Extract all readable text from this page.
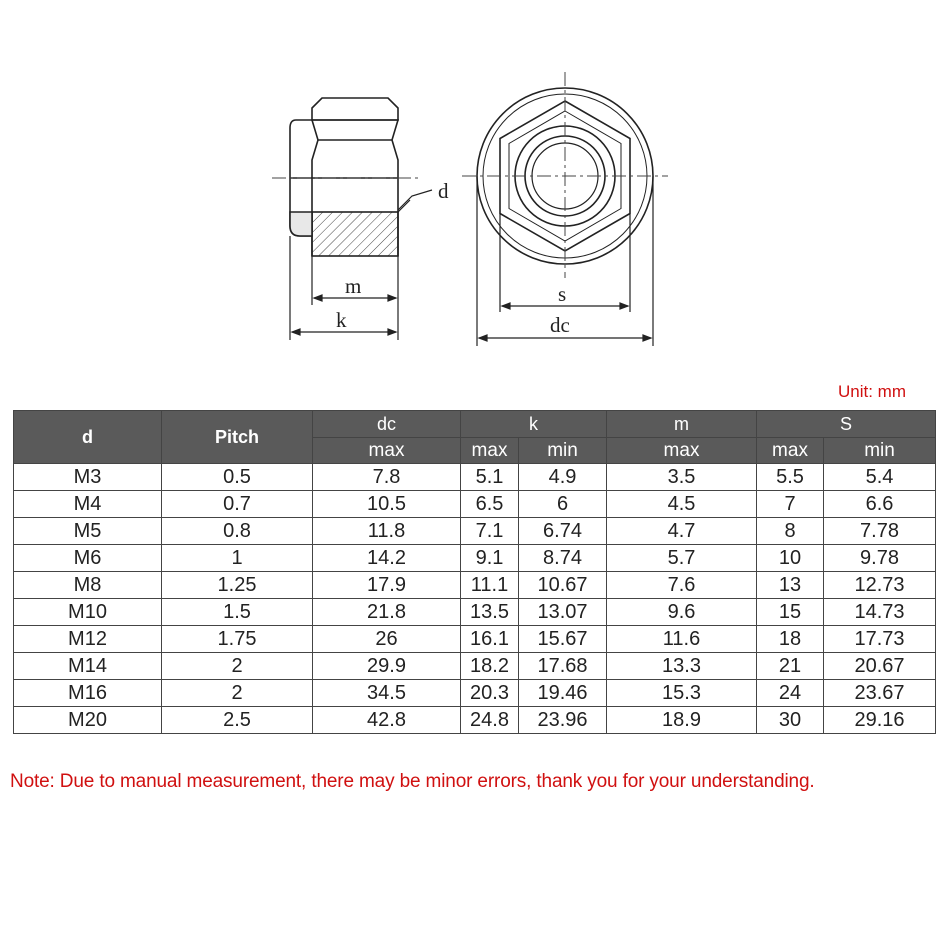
d
m
k
s
dc
Unit: mm
d	Pitch	dc	k		m	S	
		max	max	min	max	max	min
M3	0.5	7.8	5.1	4.9	3.5	5.5	5.4
M4	0.7	10.5	6.5	6	4.5	7	6.6
M5	0.8	11.8	7.1	6.74	4.7	8	7.78
M6	1	14.2	9.1	8.74	5.7	10	9.78
M8	1.25	17.9	11.1	10.67	7.6	13	12.73
M10	1.5	21.8	13.5	13.07	9.6	15	14.73
M12	1.75	26	16.1	15.67	11.6	18	17.73
M14	2	29.9	18.2	17.68	13.3	21	20.67
M16	2	34.5	20.3	19.46	15.3	24	23.67
M20	2.5	42.8	24.8	23.96	18.9	30	29.16
Note: Due to manual measurement, there may be minor errors, thank you for your understanding.
